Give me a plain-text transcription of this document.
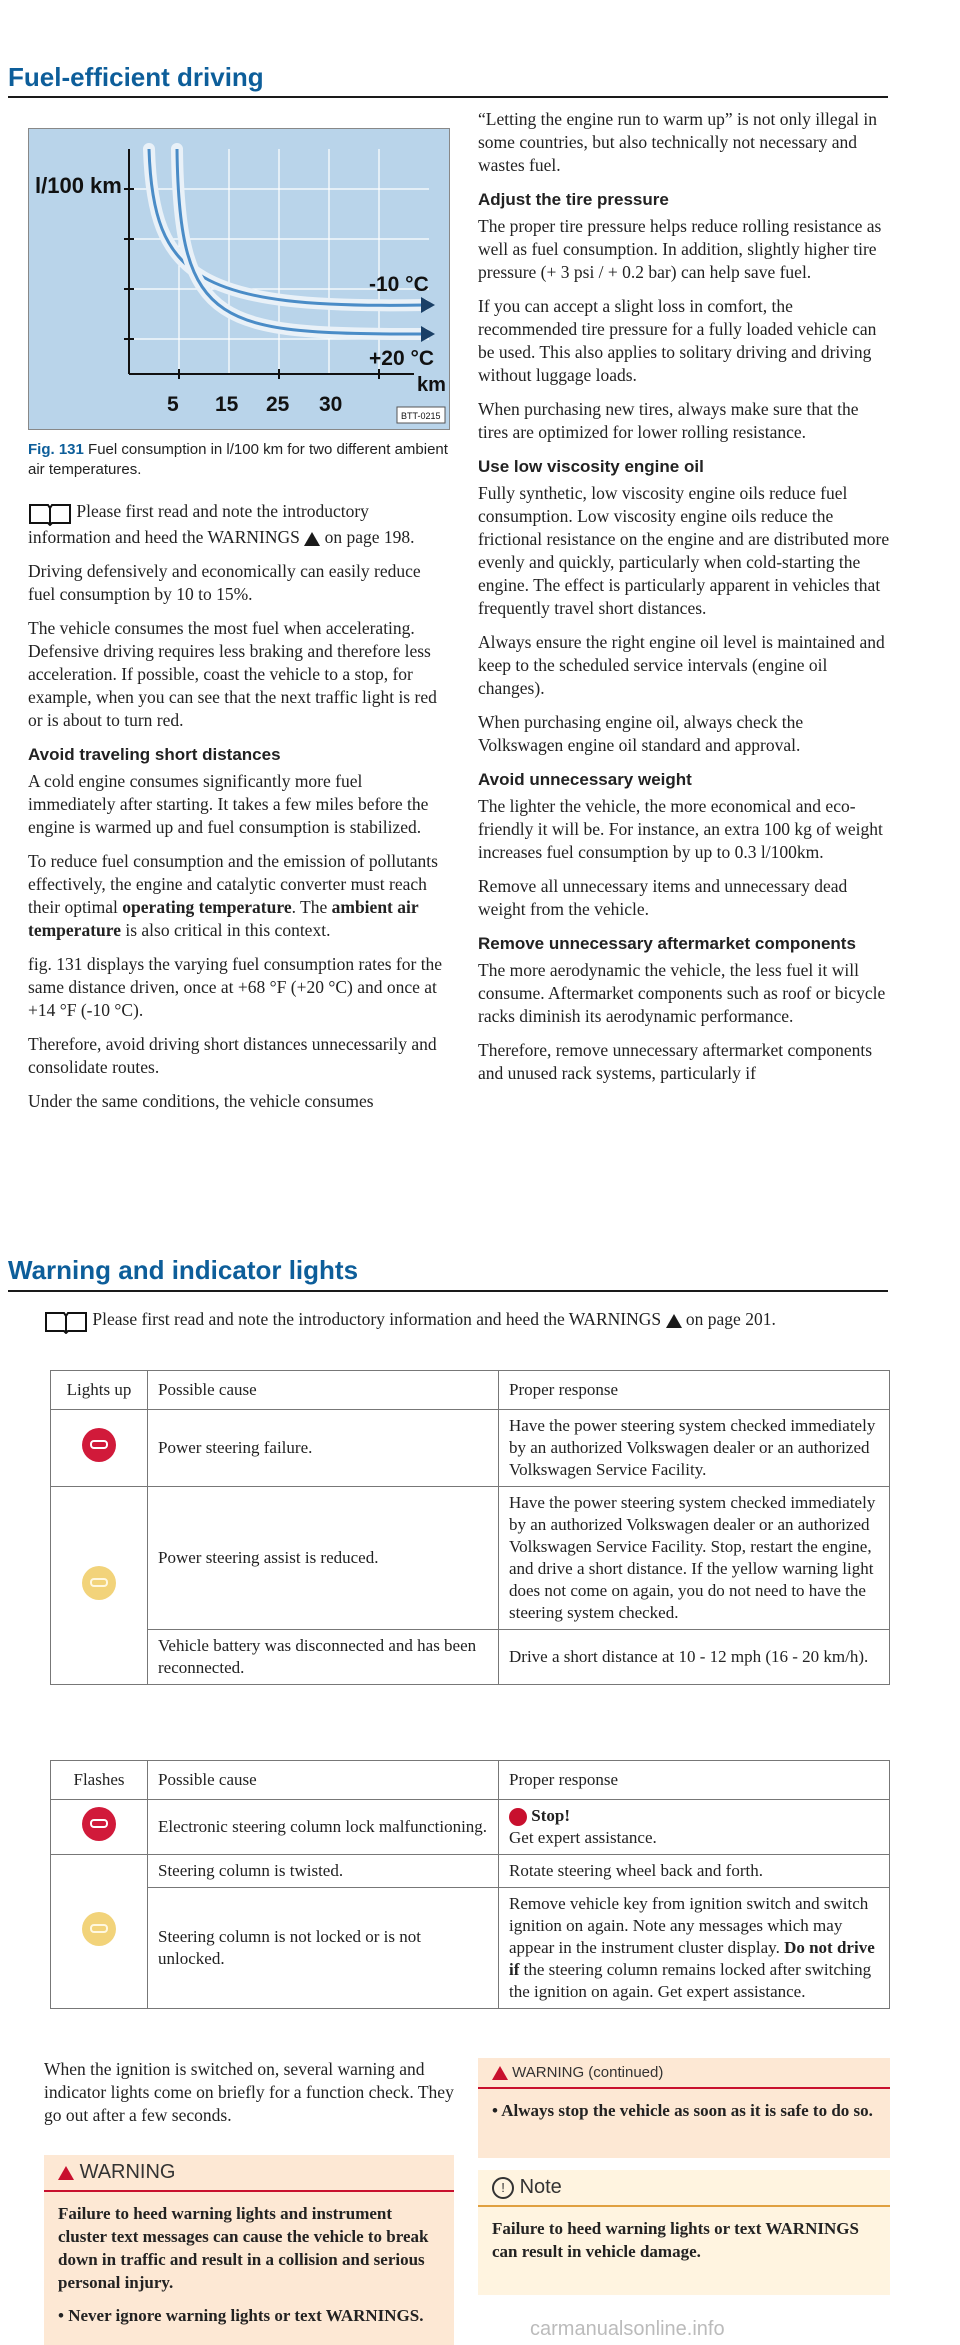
Fuel-efficient driving
l/100 km
-10 °C
+20 °C
km
5 15 25 30	BTT-0215
Fig. 131 Fuel consumption in l/100 km for two different ambient air temperatures.

Please first read and note the introductory information and heed the WARNINGS on page 198.

Driving defensively and economically can easily reduce fuel consumption by 10 to 15%.

The vehicle consumes the most fuel when accelerating. Defensive driving requires less braking and therefore less acceleration. If possible, coast the vehicle to a stop, for example, when you can see that the next traffic light is red or is about to turn red.

Avoid traveling short distances

A cold engine consumes significantly more fuel immediately after starting. It takes a few miles before the engine is warmed up and fuel consumption is stabilized.

To reduce fuel consumption and the emission of pollutants effectively, the engine and catalytic converter must reach their optimal operating temperature. The ambient air temperature is also critical in this context.

fig. 131 displays the varying fuel consumption rates for the same distance driven, once at +68 °F (+20 °C) and once at +14 °F (-10 °C).

Therefore, avoid driving short distances unnecessarily and consolidate routes.

Under the same conditions, the vehicle consumes

“Letting the engine run to warm up” is not only illegal in some countries, but also technically not necessary and wastes fuel.

Adjust the tire pressure

The proper tire pressure helps reduce rolling resistance as well as fuel consumption. In addition, slightly higher tire pressure (+ 3 psi / + 0.2 bar) can help save fuel.

If you can accept a slight loss in comfort, the recommended tire pressure for a fully loaded vehicle can be used. This also applies to solitary driving and driving without luggage loads.

When purchasing new tires, always make sure that the tires are optimized for lower rolling resistance.

Use low viscosity engine oil

Fully synthetic, low viscosity engine oils reduce fuel consumption. Low viscosity engine oils reduce the frictional resistance on the engine and are distributed more evenly and quickly, particularly when cold-starting the engine. The effect is particularly apparent in vehicles that frequently travel short distances.

Always ensure the right engine oil level is maintained and keep to the scheduled service intervals (engine oil changes).

When purchasing engine oil, always check the Volkswagen engine oil standard and approval.

Avoid unnecessary weight

The lighter the vehicle, the more economical and eco-friendly it will be. For instance, an extra 100 kg of weight increases fuel consumption by up to 0.3 l/100km.

Remove all unnecessary items and unnecessary dead weight from the vehicle.

Remove unnecessary aftermarket components

The more aerodynamic the vehicle, the less fuel it will consume. Aftermarket components such as roof or bicycle racks diminish its aerodynamic performance.

Therefore, remove unnecessary aftermarket components and unused rack systems, particularly if

Warning and indicator lights
Please first read and note the introductory information and heed the WARNINGS on page 201.
Lights up	Possible cause	Proper response
	Power steering failure.	Have the power steering system checked immediately by an authorized Volkswagen dealer or an authorized Volkswagen Service Facility.
	Power steering assist is reduced.	Have the power steering system checked immediately by an authorized Volkswagen dealer or an authorized Volkswagen Service Facility. Stop, restart the engine, and drive a short distance. If the yellow warning light does not come on again, you do not need to have the steering system checked.
	Vehicle battery was disconnected and has been reconnected.	Drive a short distance at 10 - 12 mph (16 - 20 km/h).
Flashes	Possible cause	Proper response
	Electronic steering column lock malfunctioning.	Stop!
Get expert assistance.

	Steering column is twisted.	Rotate steering wheel back and forth.
	Steering column is not locked or is not unlocked.	Remove vehicle key from ignition switch and switch ignition on again. Note any messages which may appear in the instrument cluster display. Do not drive if the steering column remains locked after switching the ignition on again. Get expert assistance.
When the ignition is switched on, several warning and indicator lights come on briefly for a function check. They go out after a few seconds.
WARNING
Failure to heed warning lights and instrument cluster text messages can cause the vehicle to break down in traffic and result in a collision and serious personal injury.
• Never ignore warning lights or text WARNINGS.
WARNING (continued)
• Always stop the vehicle as soon as it is safe to do so.
! Note
Failure to heed warning lights or text WARNINGS can result in vehicle damage.
carmanualsonline.info
